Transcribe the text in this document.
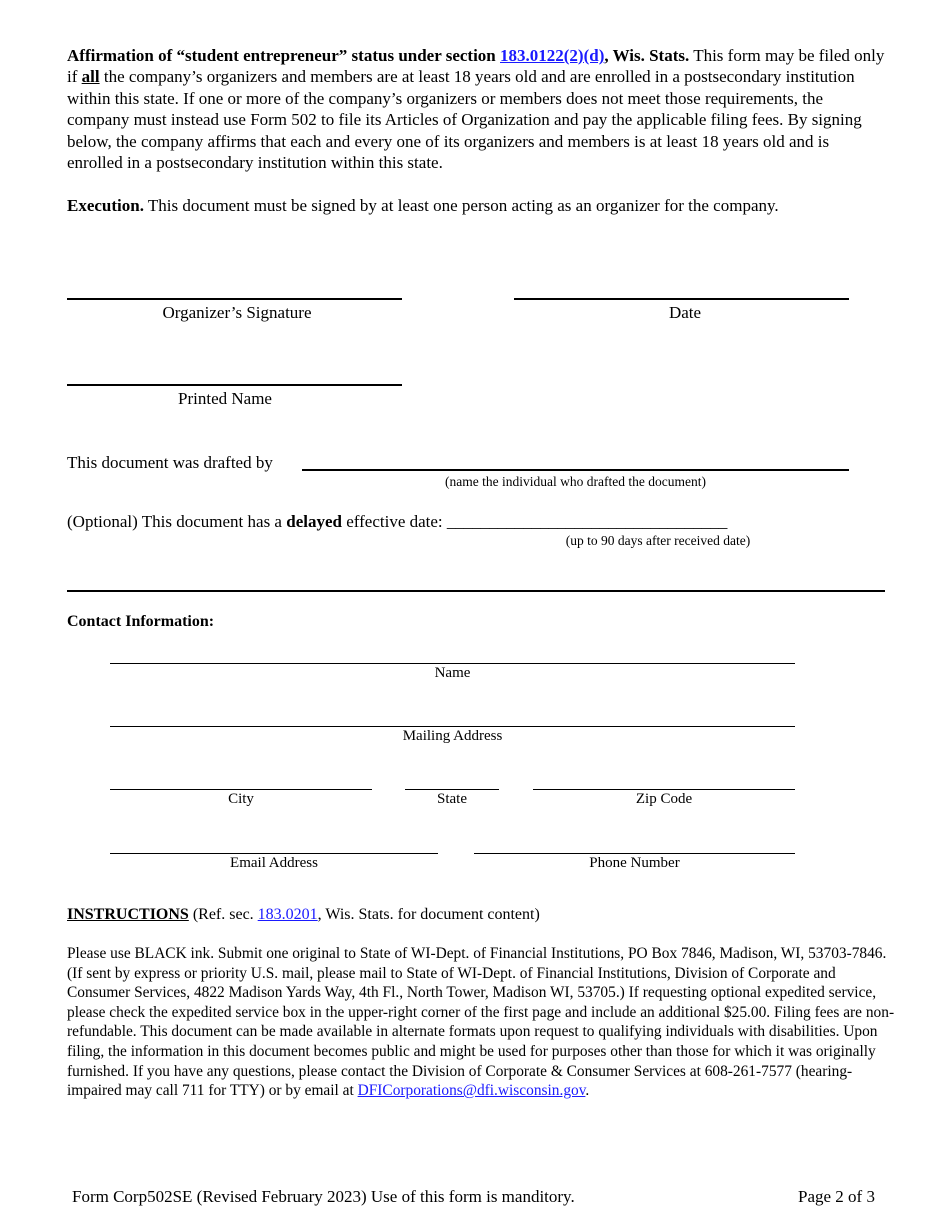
Affirmation of “student entrepreneur” status under section 183.0122(2)(d), Wis. Stats. This form may be filed only if all the company’s organizers and members are at least 18 years old and are enrolled in a postsecondary institution within this state. If one or more of the company’s organizers or members does not meet those requirements, the company must instead use Form 502 to file its Articles of Organization and pay the applicable filing fees. By signing below, the company affirms that each and every one of its organizers and members is at least 18 years old and is enrolled in a postsecondary institution within this state.
Execution. This document must be signed by at least one person acting as an organizer for the company.
Organizer’s Signature	Date
Printed Name
This document was drafted by
(name the individual who drafted the document)
(Optional) This document has a delayed effective date: _________________________________
(up to 90 days after received date)
Contact Information:
Name
Mailing Address
City	State	Zip Code
Email Address	Phone Number
INSTRUCTIONS (Ref. sec. 183.0201, Wis. Stats. for document content)
Please use BLACK ink. Submit one original to State of WI-Dept. of Financial Institutions, PO Box 7846, Madison, WI, 53703-7846. (If sent by express or priority U.S. mail, please mail to State of WI-Dept. of Financial Institutions, Division of Corporate and Consumer Services, 4822 Madison Yards Way, 4th Fl., North Tower, Madison WI, 53705.) If requesting optional expedited service, please check the expedited service box in the upper-right corner of the first page and include an additional $25.00. Filing fees are non-refundable. This document can be made available in alternate formats upon request to qualifying individuals with disabilities. Upon filing, the information in this document becomes public and might be used for purposes other than those for which it was originally furnished. If you have any questions, please contact the Division of Corporate & Consumer Services at 608-261-7577 (hearing-impaired may call 711 for TTY) or by email at DFICorporations@dfi.wisconsin.gov.
Form Corp502SE (Revised February 2023) Use of this form is manditory.	Page 2 of 3
